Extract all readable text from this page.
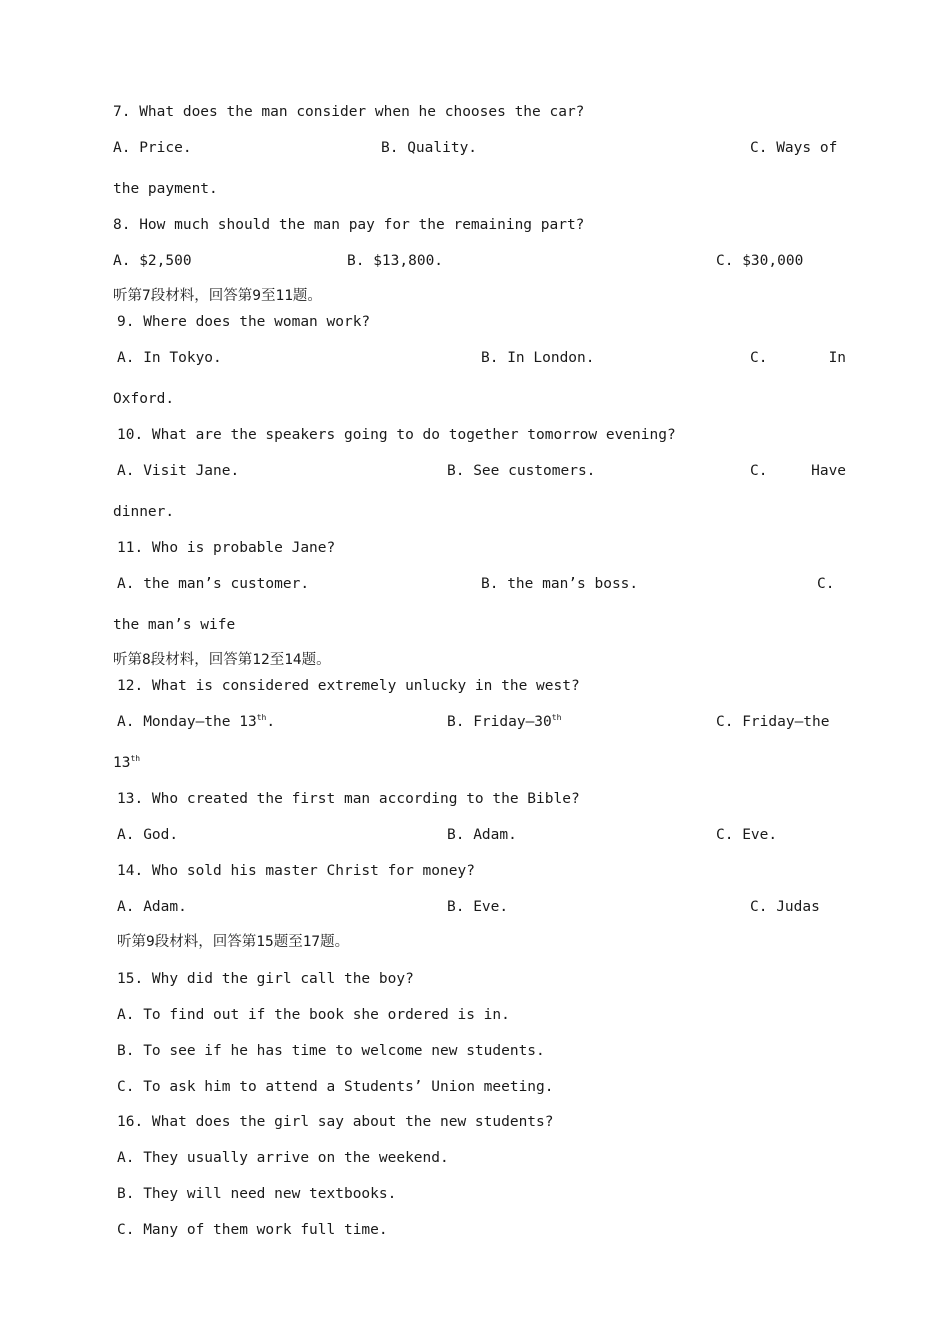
7. What does the man consider when he chooses the car?
A. Price.	B. Quality.	C. Ways of
the payment.
8. How much should the man pay for the remaining part?
A. $2,500	B. $13,800.	C. $30,000
听第7段材料，回答第9至11题。
9. Where does the woman work?
A. In Tokyo.	B. In London.	C.       In
Oxford.
10. What are the speakers going to do together tomorrow evening?
A. Visit Jane.	B. See customers.	C.     Have
dinner.
11. Who is probable Jane?
A. the man’s customer.	B. the man’s boss.	C.
the man’s wife
听第8段材料，回答第12至14题。
12. What is considered extremely unlucky in the west?
A. Monday—the 13th.	B. Friday—30th	C. Friday—the
13th
13. Who created the first man according to the Bible?
A. God.	B. Adam.	C. Eve.
14. Who sold his master Christ for money?
A. Adam.	B. Eve.	C. Judas
听第9段材料，回答第15题至17题。
15. Why did the girl call the boy?
A. To find out if the book she ordered is in.
B. To see if he has time to welcome new students.
C. To ask him to attend a Students’ Union meeting.
16. What does the girl say about the new students?
A. They usually arrive on the weekend.
B. They will need new textbooks.
C. Many of them work full time.
